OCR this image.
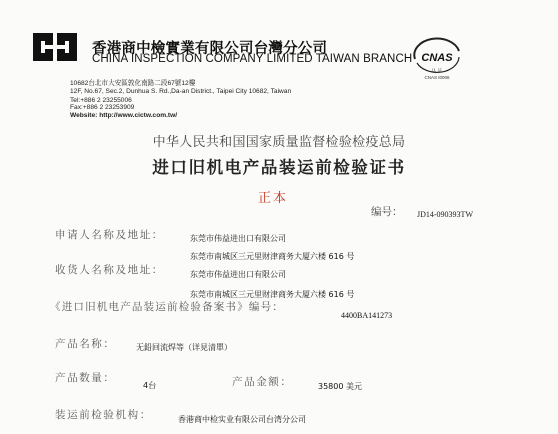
香港商中檢實業有限公司台灣分公司
CHINA INSPECTION COMPANY LIMITED TAIWAN BRANCH CNAS
认 证
CNAS I0006
10682台北市大安區敦化南路二段67號12樓
12F, No.67, Sec.2, Dunhua S. Rd.,Da-an District., Taipei City 10682, Taiwan
Tel:+886 2 23255006
Fax:+886 2 23253909
Website: http://www.cictw.com.tw/
中华人民共和国国家质量监督检验检疫总局
进口旧机电产品装运前检验证书
正本
编号： JD14-090393TW
申请人名称及地址：	东莞市伟益进出口有限公司
东莞市南城区三元里财津商务大厦六楼 616 号
收货人名称及地址：	东莞市伟益进出口有限公司
东莞市南城区三元里财津商务大厦六楼 616 号
《进口旧机电产品装运前检验备案书》编号：
4400BA141273
产品名称：	无鉛回流焊等（详見清單）
产品数量：
4台	产品金额：	35800 美元
装运前检验机构：	香港商中检实业有限公司台湾分公司
